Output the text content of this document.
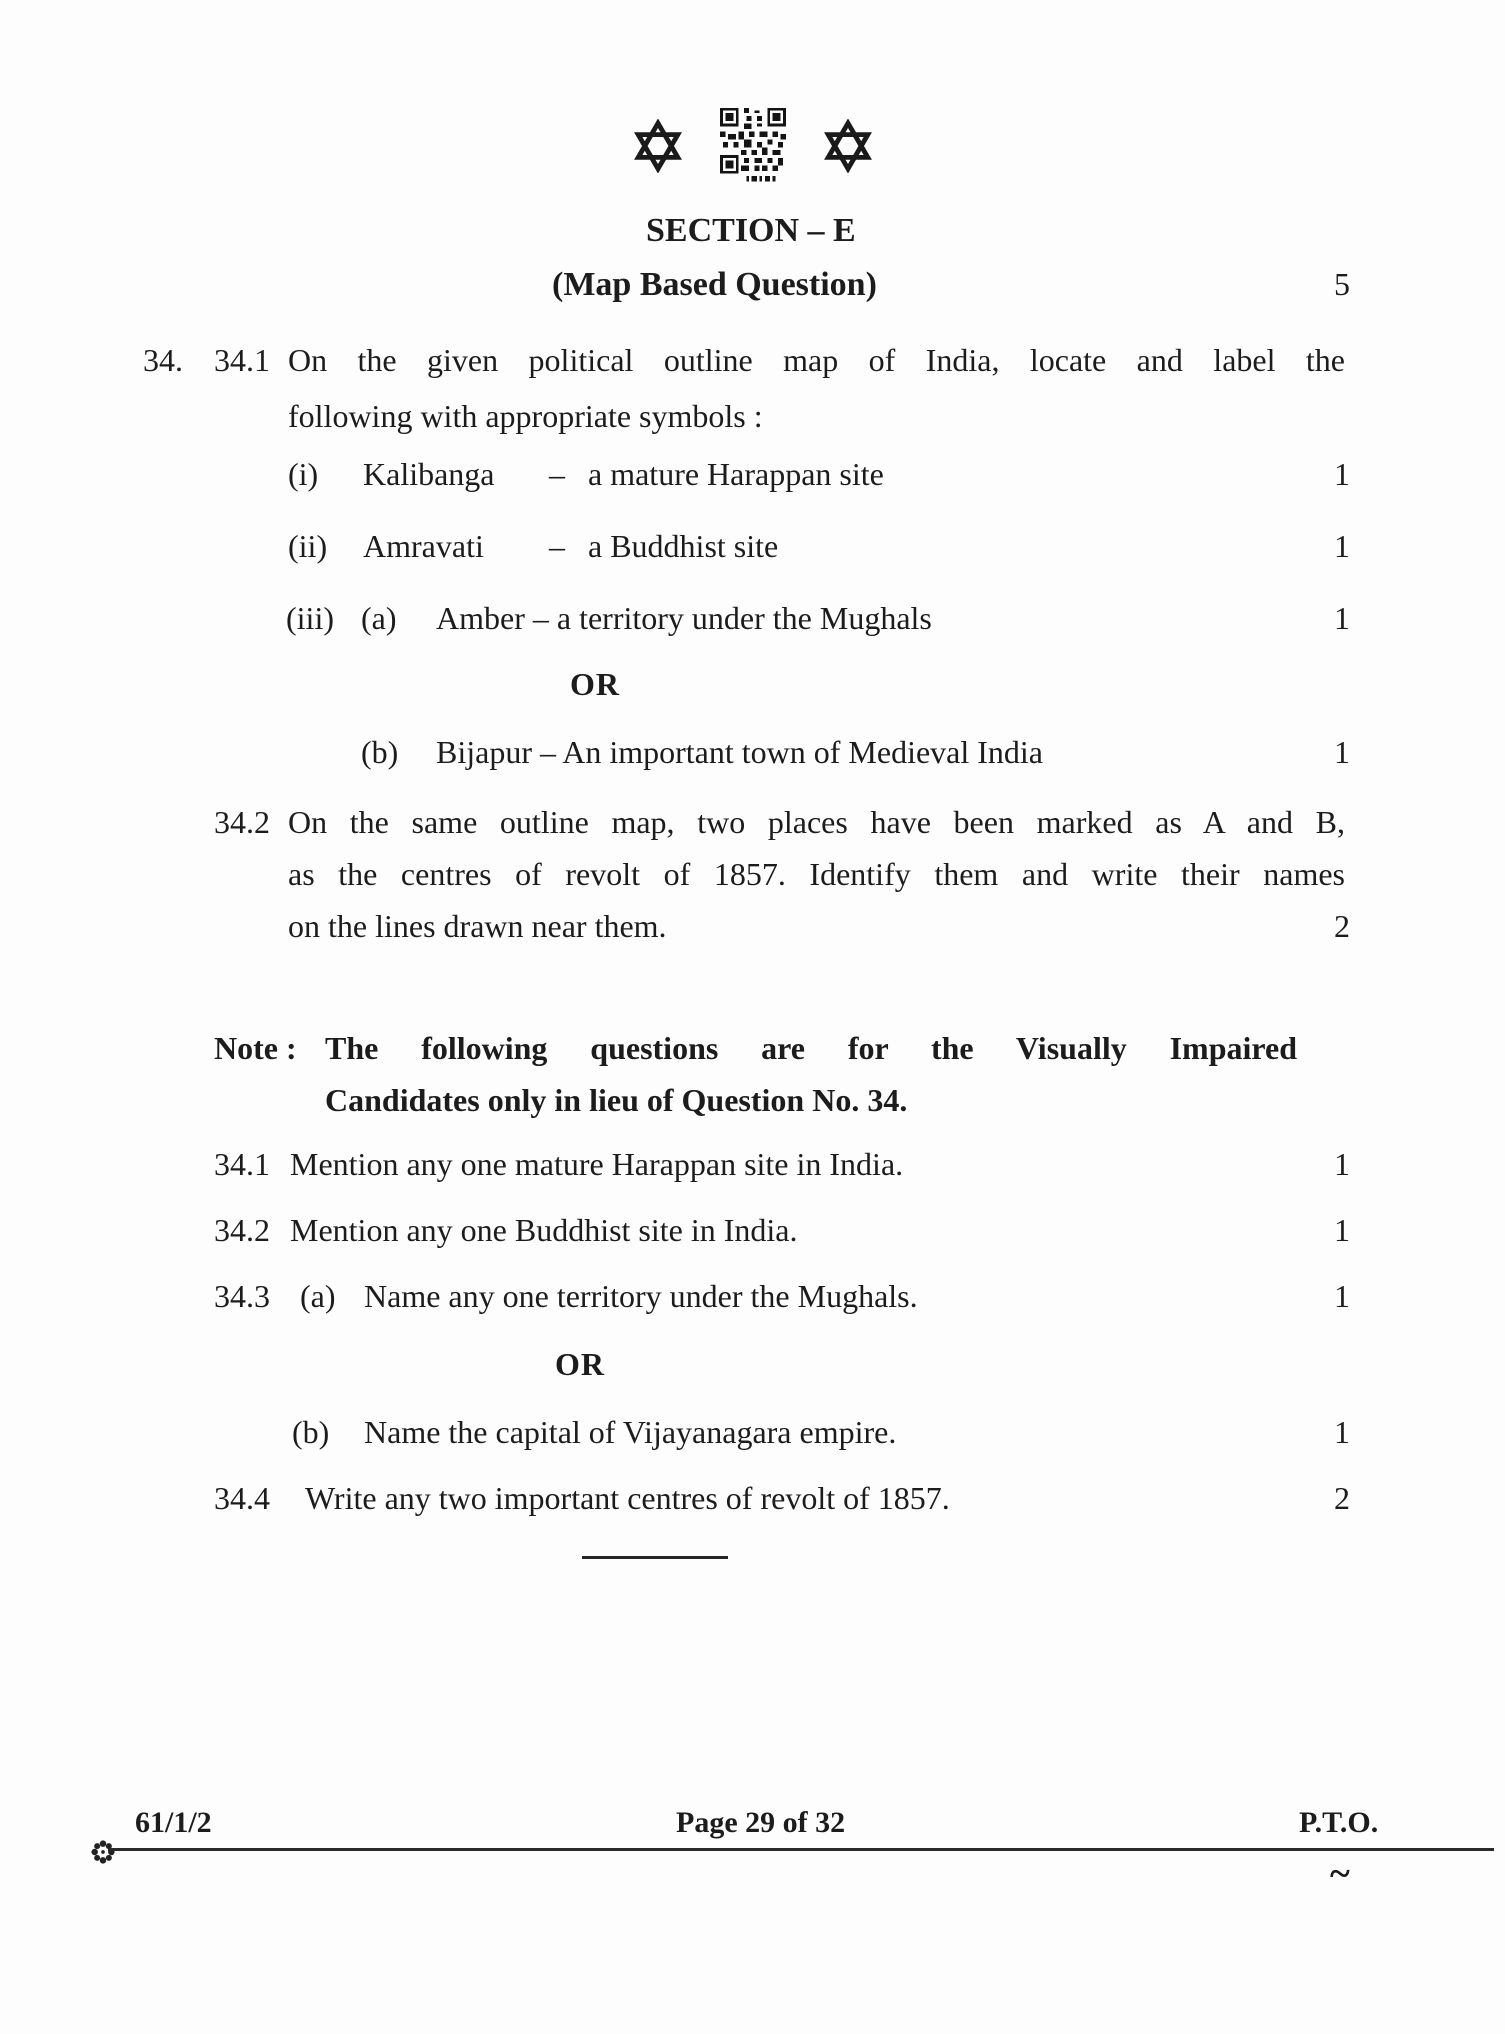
SECTION – E
(Map Based Question)	5
34. 34.1 On the given political outline map of India, locate and label the
following with appropriate symbols :
(i) Kalibanga – a mature Harappan site	1
(ii) Amravati – a Buddhist site	1
(iii) (a) Amber – a territory under the Mughals	1
OR
(b) Bijapur – An important town of Medieval India	1
34.2 On the same outline map, two places have been marked as A and B,
as the centres of revolt of 1857. Identify them and write their names
on the lines drawn near them.	2
Note : The following questions are for the Visually Impaired
Candidates only in lieu of Question No. 34.
34.1 Mention any one mature Harappan site in India.	1
34.2 Mention any one Buddhist site in India.	1
34.3 (a) Name any one territory under the Mughals.	1
OR
(b) Name the capital of Vijayanagara empire.	1
34.4 Write any two important centres of revolt of 1857.	2
61/1/2	Page 29 of 32	P.T.O.
~
